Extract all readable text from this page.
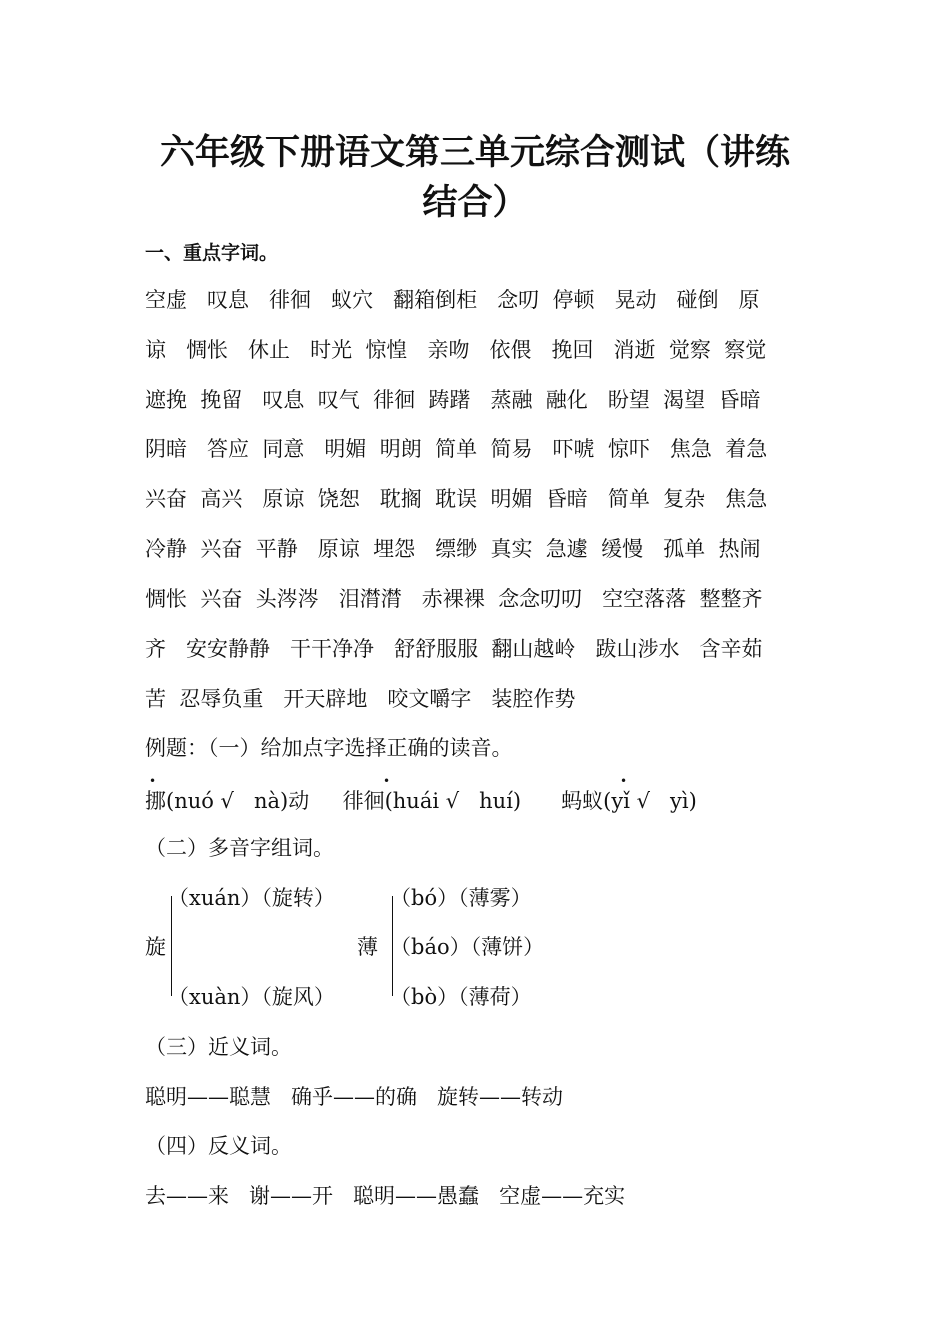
六年级下册语文第三单元综合测试（讲练
结合）
一、重点字词。
空虚   叹息   徘徊   蚁穴   翻箱倒柜   念叨  停顿   晃动   碰倒   原
谅   惆怅   休止   时光  惊惶   亲吻   依偎   挽回   消逝  觉察  察觉
遮挽  挽留   叹息  叹气  徘徊  踌躇   蒸融  融化   盼望  渴望  昏暗
阴暗   答应  同意   明媚  明朗  简单  简易   吓唬  惊吓   焦急  着急
兴奋  高兴   原谅  饶恕   耽搁  耽误  明媚  昏暗   简单  复杂   焦急
冷静  兴奋  平静   原谅  埋怨   缥缈  真实  急遽  缓慢   孤单  热闹
惆怅  兴奋  头涔涔   泪潸潸   赤裸裸  念念叨叨   空空落落  整整齐
齐   安安静静   干干净净   舒舒服服  翻山越岭   跋山涉水   含辛茹
苦  忍辱负重   开天辟地   咬文嚼字   装腔作势
例题：（一）给加点字选择正确的读音。
•	•	•
挪(nuó √   nà)动     徘徊(huái √   huí)      蚂蚁(yǐ √   yì)
（二）多音字组词。
旋
（xuán）（旋转）
（xuàn）（旋风）
薄
（bó）（薄雾）
（báo）（薄饼）
（bò）（薄荷）
（三）近义词。
聪明——聪慧   确乎——的确   旋转——转动
（四）反义词。
去——来   谢——开   聪明——愚蠢   空虚——充实
